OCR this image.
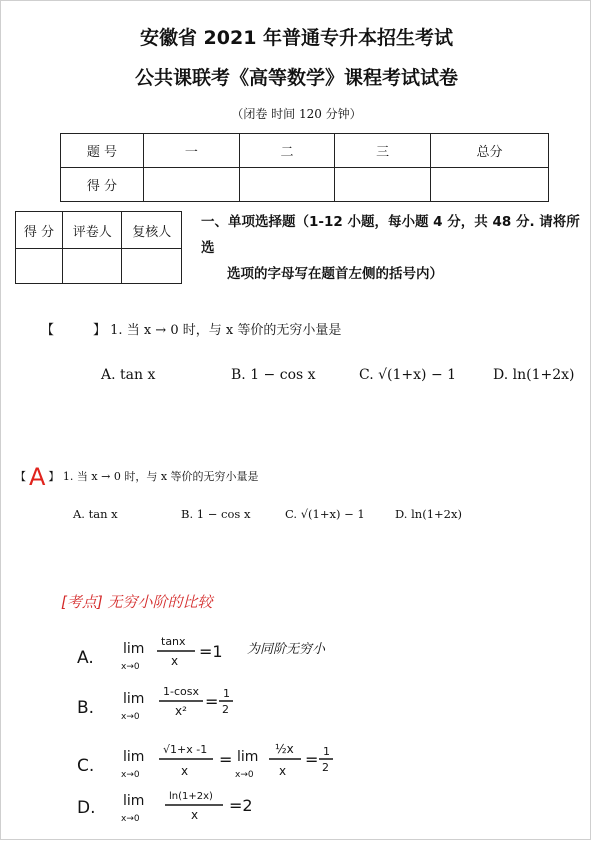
安徽省 2021 年普通专升本招生考试
公共课联考《高等数学》课程考试试卷
（闭卷 时间 120 分钟）
题 号	一	二	三	总分
得 分				
得 分	评卷人	复核人

一、单项选择题（1-12 小题，每小题 4 分，共 48 分. 请将所选
选项的字母写在题首左侧的括号内）
【	】 1. 当 x → 0 时，与 x 等价的无穷小量是
A. tan x	B. 1 − cos x	C. √(1+x) − 1	D. ln(1+2x)
【 A 】 1. 当 x → 0 时，与 x 等价的无穷小量是
A. tan x	B. 1 − cos x	C. √(1+x) − 1	D. ln(1+2x)
[考点] 无穷小阶的比较
A. lim
x→0
tanx
x =1 为同阶无穷小
B. lim
x→0
1-cosx
x² = 1
2
C. lim
x→0
√1+x -1
x
= lim
x→0
½x
x
= 1
2
D. lim
x→0
ln(1+2x)
x =2
